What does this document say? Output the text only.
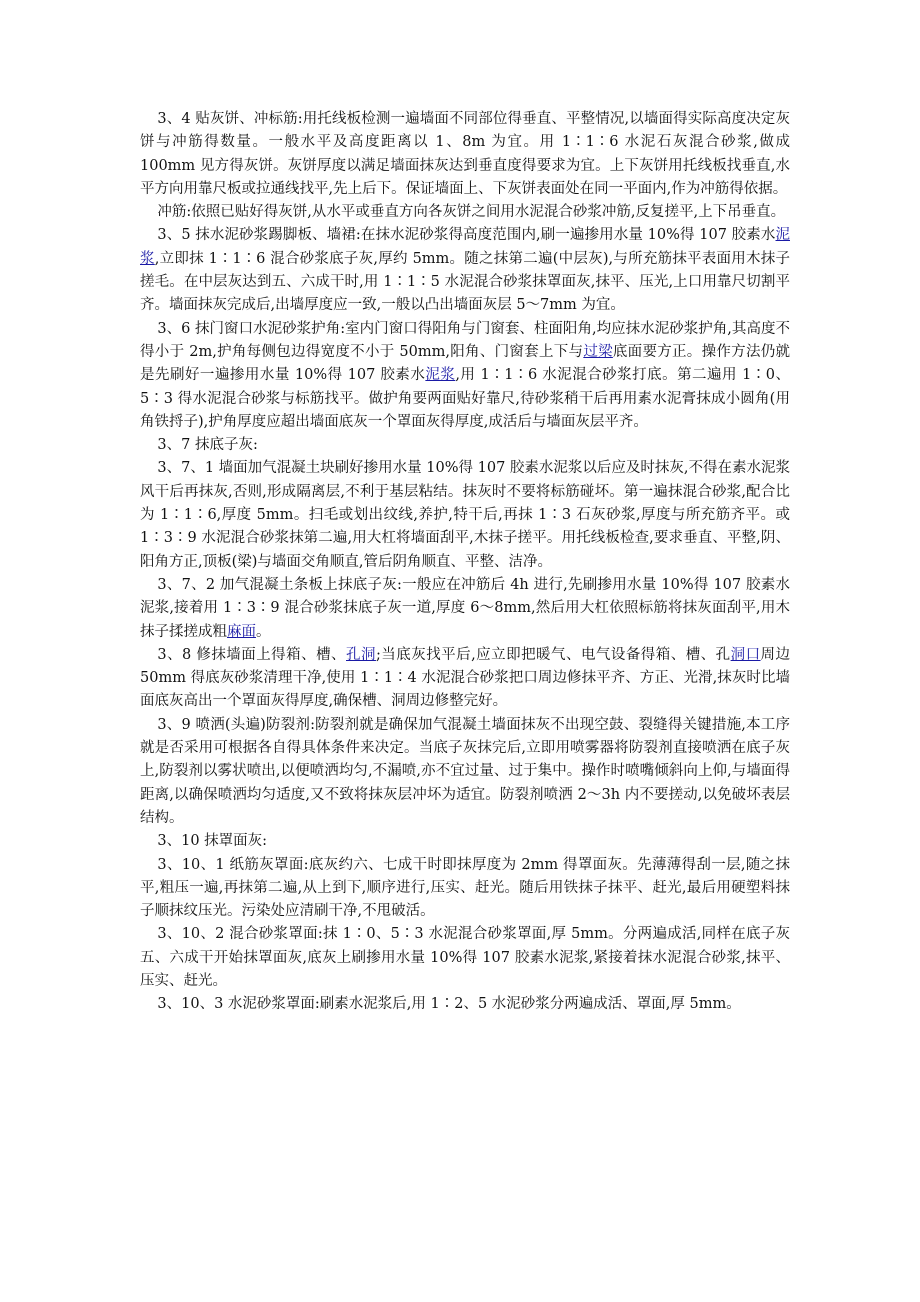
3、4 贴灰饼、冲标筋:用托线板检测一遍墙面不同部位得垂直、平整情况,以墙面得实际高度决定灰饼与冲筋得数量。一般水平及高度距离以 1、8m 为宜。用 1∶1∶6 水泥石灰混合砂浆,做成 100mm 见方得灰饼。灰饼厚度以满足墙面抹灰达到垂直度得要求为宜。上下灰饼用托线板找垂直,水平方向用靠尺板或拉通线找平,先上后下。保证墙面上、下灰饼表面处在同一平面内,作为冲筋得依据。

冲筋:依照已贴好得灰饼,从水平或垂直方向各灰饼之间用水泥混合砂浆冲筋,反复搓平,上下吊垂直。

3、5 抹水泥砂浆踢脚板、墙裙:在抹水泥砂浆得高度范围内,刷一遍掺用水量 10%得 107 胶素水泥浆,立即抹 1∶1∶6 混合砂浆底子灰,厚约 5mm。随之抹第二遍(中层灰),与所充筋抹平表面用木抹子搓毛。在中层灰达到五、六成干时,用 1∶1∶5 水泥混合砂浆抹罩面灰,抹平、压光,上口用靠尺切割平齐。墙面抹灰完成后,出墙厚度应一致,一般以凸出墙面灰层 5～7mm 为宜。

3、6 抹门窗口水泥砂浆护角:室内门窗口得阳角与门窗套、柱面阳角,均应抹水泥砂浆护角,其高度不得小于 2m,护角每侧包边得宽度不小于 50mm,阳角、门窗套上下与过梁底面要方正。操作方法仍就是先刷好一遍掺用水量 10%得 107 胶素水泥浆,用 1∶1∶6 水泥混合砂浆打底。第二遍用 1∶0、5∶3 得水泥混合砂浆与标筋找平。做护角要两面贴好靠尺,待砂浆稍干后再用素水泥膏抹成小圆角(用角铁捋子),护角厚度应超出墙面底灰一个罩面灰得厚度,成活后与墙面灰层平齐。

3、7 抹底子灰:

3、7、1 墙面加气混凝土块刷好掺用水量 10%得 107 胶素水泥浆以后应及时抹灰,不得在素水泥浆风干后再抹灰,否则,形成隔离层,不利于基层粘结。抹灰时不要将标筋碰坏。第一遍抹混合砂浆,配合比为 1∶1∶6,厚度 5mm。扫毛或划出纹线,养护,特干后,再抹 1∶3 石灰砂浆,厚度与所充筋齐平。或 1∶3∶9 水泥混合砂浆抹第二遍,用大杠将墙面刮平,木抹子搓平。用托线板检查,要求垂直、平整,阴、阳角方正,顶板(梁)与墙面交角顺直,管后阴角顺直、平整、洁净。

3、7、2 加气混凝土条板上抹底子灰:一般应在冲筋后 4h 进行,先刷掺用水量 10%得 107 胶素水泥浆,接着用 1∶3∶9 混合砂浆抹底子灰一道,厚度 6～8mm,然后用大杠依照标筋将抹灰面刮平,用木抹子揉搓成粗麻面。

3、8 修抹墙面上得箱、槽、孔洞;当底灰找平后,应立即把暖气、电气设备得箱、槽、孔洞口周边 50mm 得底灰砂浆清理干净,使用 1∶1∶4 水泥混合砂浆把口周边修抹平齐、方正、光滑,抹灰时比墙面底灰高出一个罩面灰得厚度,确保槽、洞周边修整完好。

3、9 喷洒(头遍)防裂剂:防裂剂就是确保加气混凝土墙面抹灰不出现空鼓、裂缝得关键措施,本工序就是否采用可根据各自得具体条件来决定。当底子灰抹完后,立即用喷雾器将防裂剂直接喷洒在底子灰上,防裂剂以雾状喷出,以便喷洒均匀,不漏喷,亦不宜过量、过于集中。操作时喷嘴倾斜向上仰,与墙面得距离,以确保喷洒均匀适度,又不致将抹灰层冲坏为适宜。防裂剂喷洒 2～3h 内不要搓动,以免破坏表层结构。

3、10 抹罩面灰:

3、10、1 纸筋灰罩面:底灰约六、七成干时即抹厚度为 2mm 得罩面灰。先薄薄得刮一层,随之抹平,粗压一遍,再抹第二遍,从上到下,顺序进行,压实、赶光。随后用铁抹子抹平、赶光,最后用硬塑料抹子顺抹纹压光。污染处应清刷干净,不甩破活。

3、10、2 混合砂浆罩面:抹 1∶0、5∶3 水泥混合砂浆罩面,厚 5mm。分两遍成活,同样在底子灰五、六成干开始抹罩面灰,底灰上刷掺用水量 10%得 107 胶素水泥浆,紧接着抹水泥混合砂浆,抹平、压实、赶光。

3、10、3 水泥砂浆罩面:刷素水泥浆后,用 1∶2、5 水泥砂浆分两遍成活、罩面,厚 5mm。
